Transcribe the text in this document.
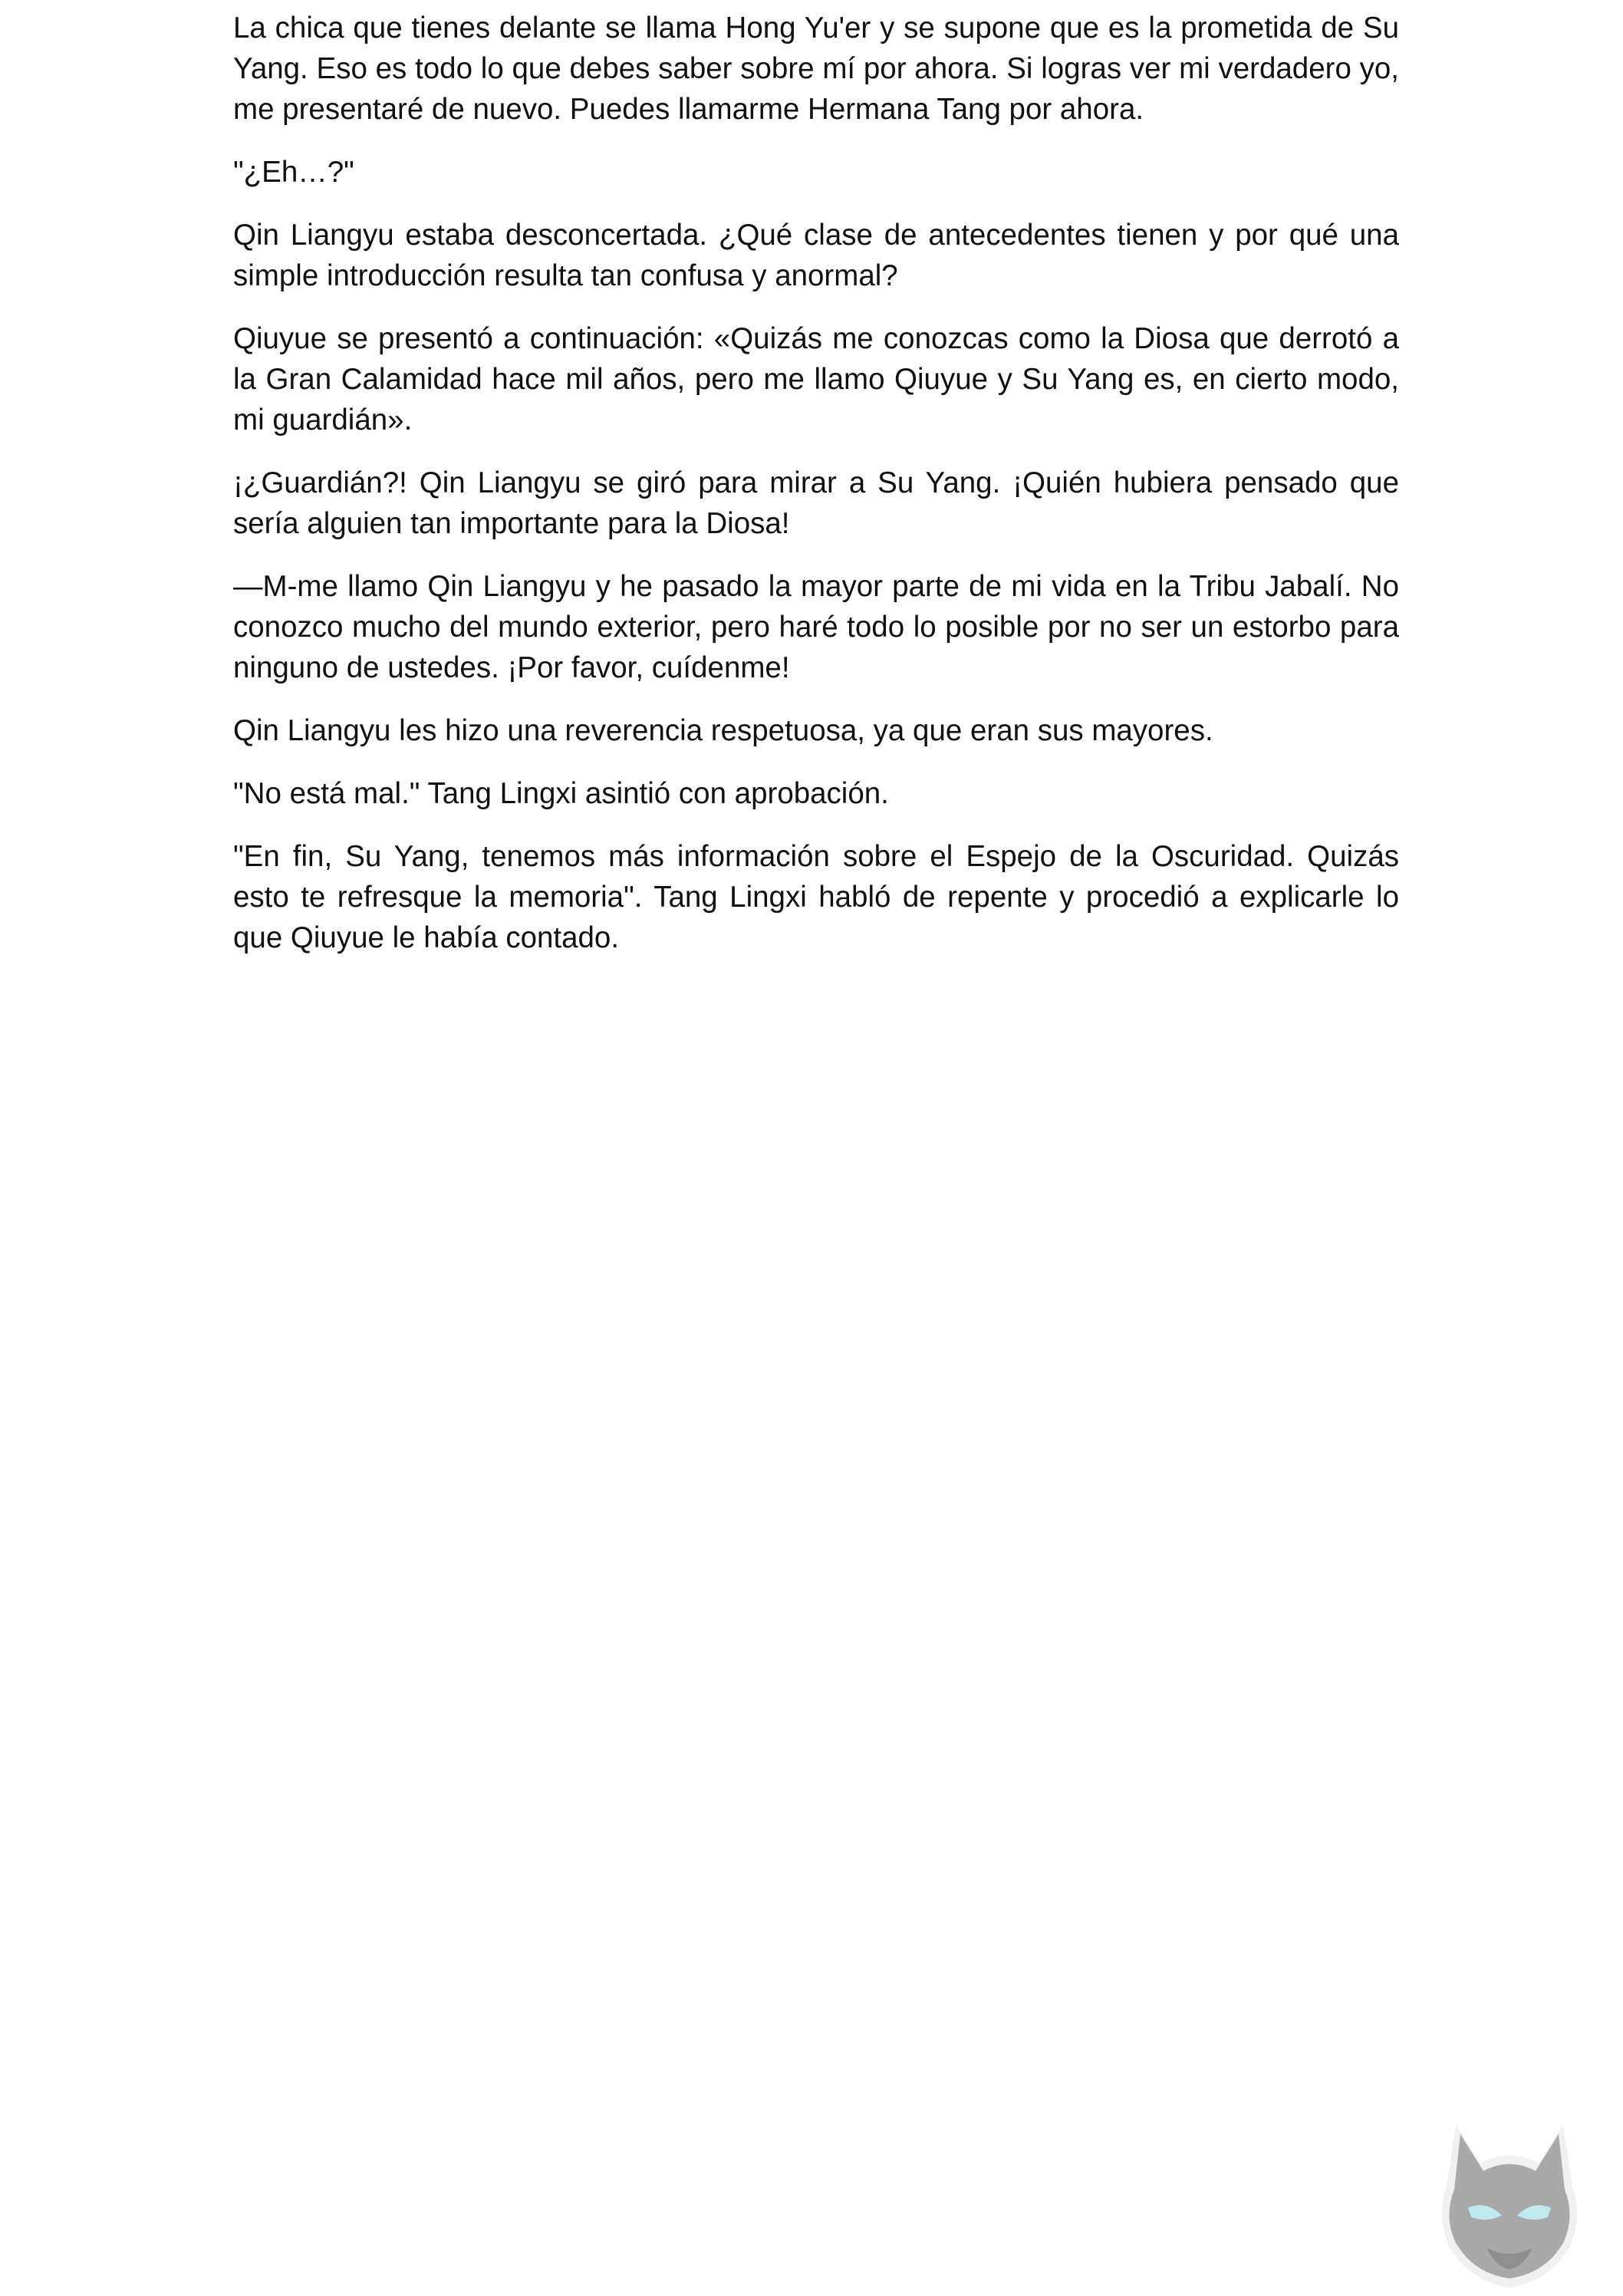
La chica que tienes delante se llama Hong Yu'er y se supone que es la prometida de Su Yang. Eso es todo lo que debes saber sobre mí por ahora. Si logras ver mi verdadero yo, me presentaré de nuevo. Puedes llamarme Hermana Tang por ahora.

"¿Eh…?"

Qin Liangyu estaba desconcertada. ¿Qué clase de antecedentes tienen y por qué una simple introducción resulta tan confusa y anormal?

Qiuyue se presentó a continuación: «Quizás me conozcas como la Diosa que derrotó a la Gran Calamidad hace mil años, pero me llamo Qiuyue y Su Yang es, en cierto modo, mi guardián».

¡¿Guardián?! Qin Liangyu se giró para mirar a Su Yang. ¡Quién hubiera pensado que sería alguien tan importante para la Diosa!

—M-me llamo Qin Liangyu y he pasado la mayor parte de mi vida en la Tribu Jabalí. No conozco mucho del mundo exterior, pero haré todo lo posible por no ser un estorbo para ninguno de ustedes. ¡Por favor, cuídenme!

Qin Liangyu les hizo una reverencia respetuosa, ya que eran sus mayores.

"No está mal." Tang Lingxi asintió con aprobación.

"En fin, Su Yang, tenemos más información sobre el Espejo de la Oscuridad. Quizás esto te refresque la memoria". Tang Lingxi habló de repente y procedió a explicarle lo que Qiuyue le había contado.
